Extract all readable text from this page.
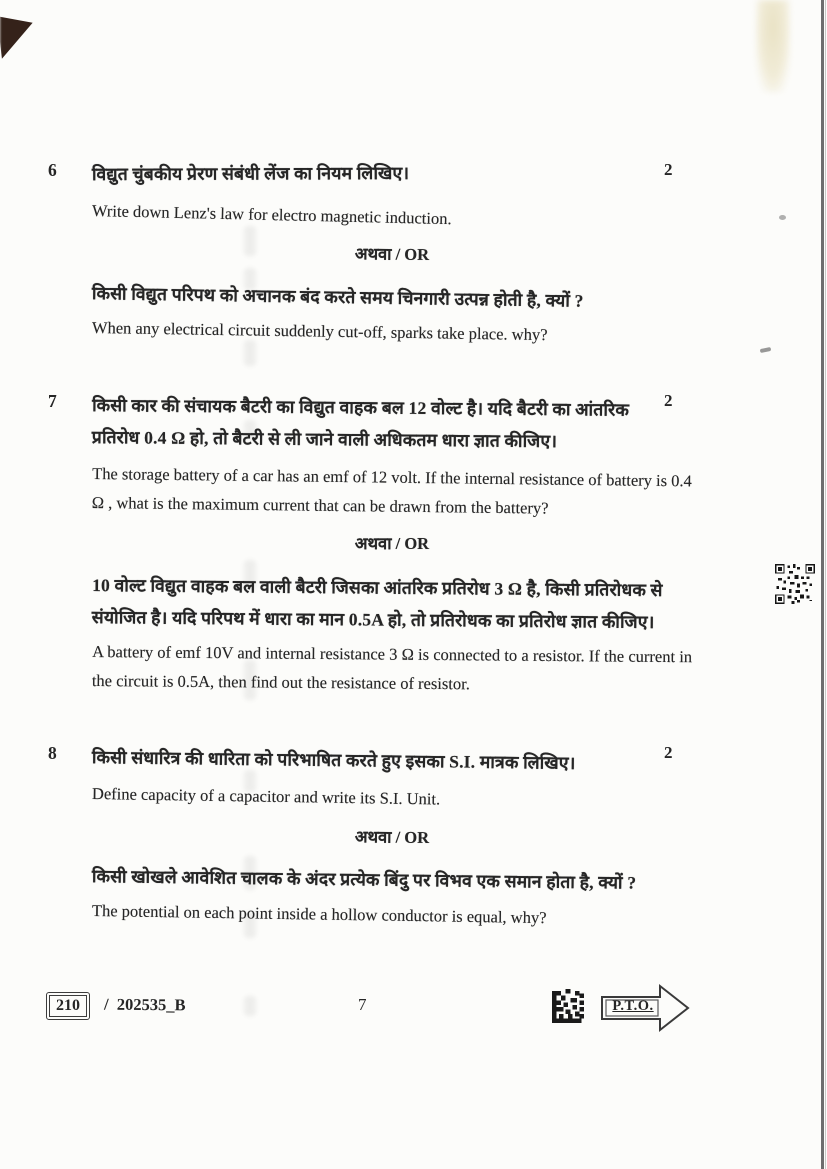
6	2

विद्युत चुंबकीय प्रेरण संबंधी लेंज का नियम लिखिए।

Write down Lenz's law for electro magnetic induction.

अथवा / OR

किसी विद्युत परिपथ को अचानक बंद करते समय चिनगारी उत्पन्न होती है, क्यों ?

When any electrical circuit suddenly cut-off, sparks take place. why?

7	2

किसी कार की संचायक बैटरी का विद्युत वाहक बल 12 वोल्ट है। यदि बैटरी का आंतरिक प्रतिरोध 0.4 Ω हो, तो बैटरी से ली जाने वाली अधिकतम धारा ज्ञात कीजिए।

The storage battery of a car has an emf of 12 volt. If the internal resistance of battery is 0.4 Ω , what is the maximum current that can be drawn from the battery?

अथवा / OR

10 वोल्ट विद्युत वाहक बल वाली बैटरी जिसका आंतरिक प्रतिरोध 3 Ω है, किसी प्रतिरोधक से संयोजित है। यदि परिपथ में धारा का मान 0.5A हो, तो प्रतिरोधक का प्रतिरोध ज्ञात कीजिए।

A battery of emf 10V and internal resistance 3 Ω is connected to a resistor. If the current in the circuit is 0.5A, then find out the resistance of resistor.

8	2

किसी संधारित्र की धारिता को परिभाषित करते हुए इसका S.I. मात्रक लिखिए।

Define capacity of a capacitor and write its S.I. Unit.

अथवा / OR

किसी खोखले आवेशित चालक के अंदर प्रत्येक बिंदु पर विभव एक समान होता है, क्यों ?

The potential on each point inside a hollow conductor is equal, why?

210	/ 202535_B	7	P.T.O.
